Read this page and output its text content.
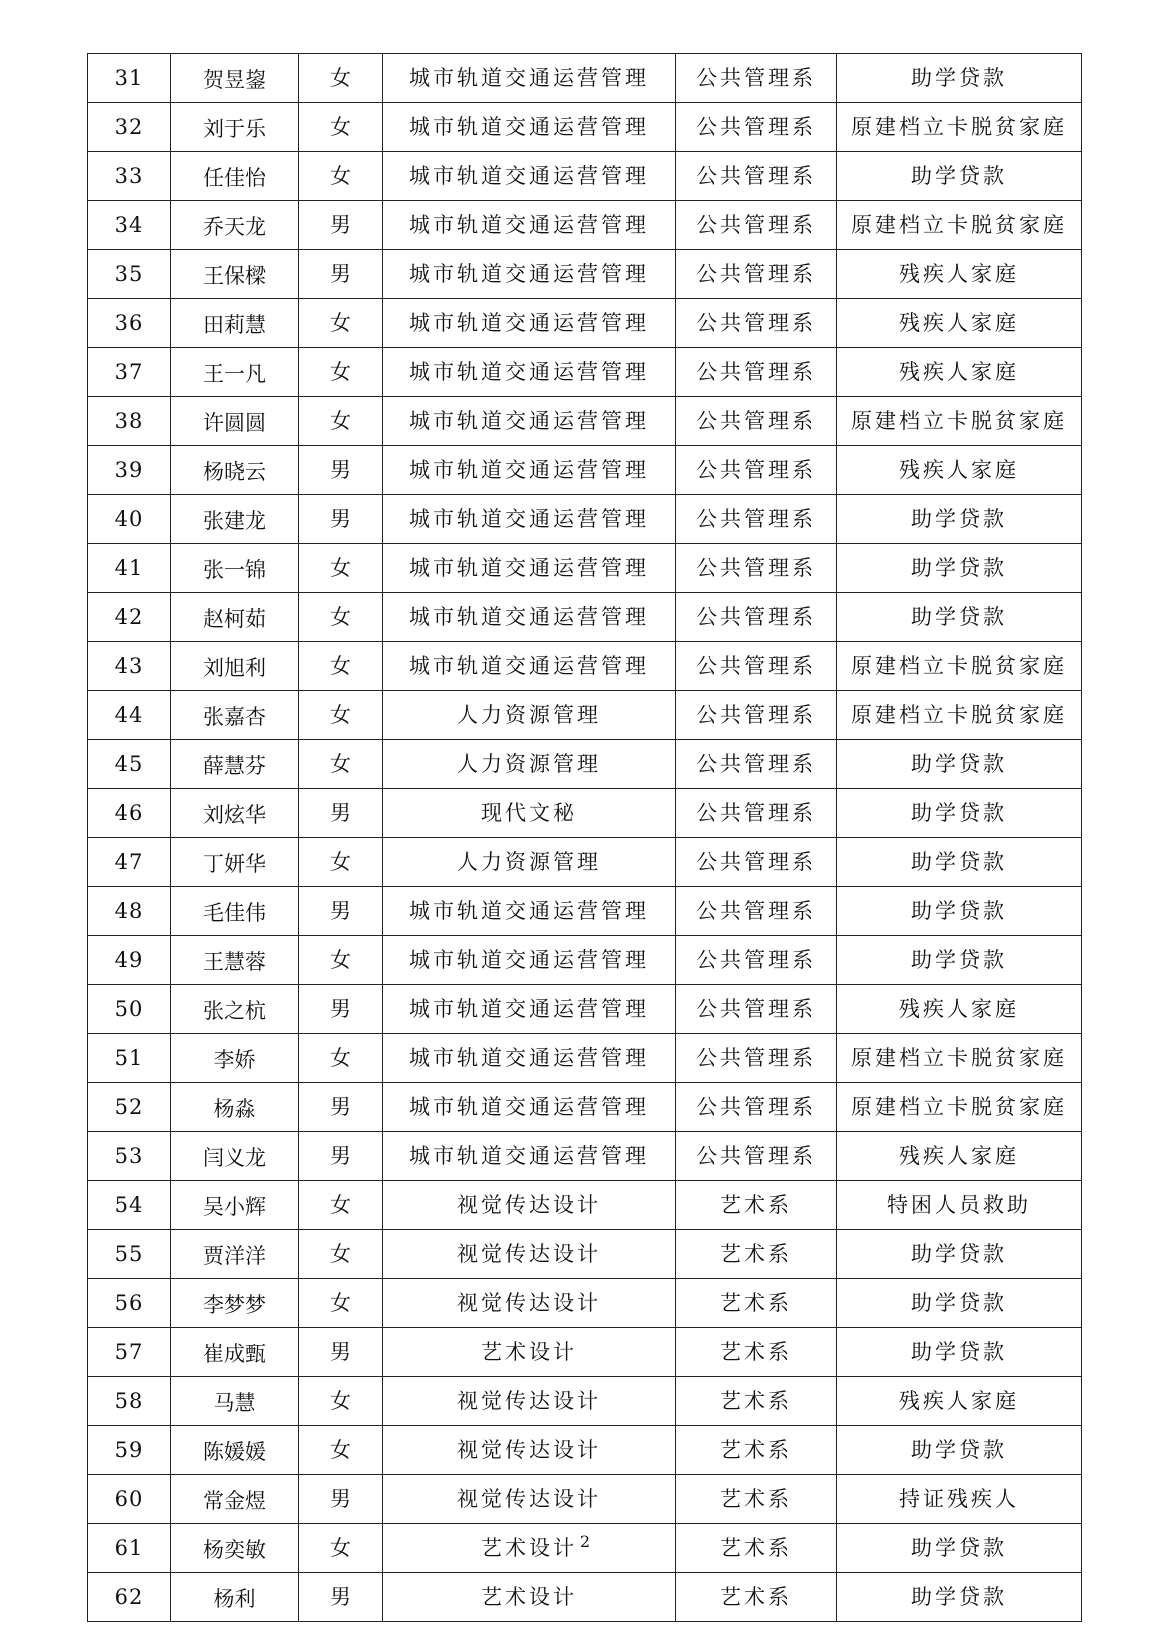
31	贺昱鋆	女	城市轨道交通运营管理	公共管理系	助学贷款
32	刘于乐	女	城市轨道交通运营管理	公共管理系	原建档立卡脱贫家庭
33	任佳怡	女	城市轨道交通运营管理	公共管理系	助学贷款
34	乔天龙	男	城市轨道交通运营管理	公共管理系	原建档立卡脱贫家庭
35	王保樑	男	城市轨道交通运营管理	公共管理系	残疾人家庭
36	田莉慧	女	城市轨道交通运营管理	公共管理系	残疾人家庭
37	王一凡	女	城市轨道交通运营管理	公共管理系	残疾人家庭
38	许圆圆	女	城市轨道交通运营管理	公共管理系	原建档立卡脱贫家庭
39	杨晓云	男	城市轨道交通运营管理	公共管理系	残疾人家庭
40	张建龙	男	城市轨道交通运营管理	公共管理系	助学贷款
41	张一锦	女	城市轨道交通运营管理	公共管理系	助学贷款
42	赵柯茹	女	城市轨道交通运营管理	公共管理系	助学贷款
43	刘旭利	女	城市轨道交通运营管理	公共管理系	原建档立卡脱贫家庭
44	张嘉杏	女	人力资源管理	公共管理系	原建档立卡脱贫家庭
45	薛慧芬	女	人力资源管理	公共管理系	助学贷款
46	刘炫华	男	现代文秘	公共管理系	助学贷款
47	丁妍华	女	人力资源管理	公共管理系	助学贷款
48	毛佳伟	男	城市轨道交通运营管理	公共管理系	助学贷款
49	王慧蓉	女	城市轨道交通运营管理	公共管理系	助学贷款
50	张之杭	男	城市轨道交通运营管理	公共管理系	残疾人家庭
51	李娇	女	城市轨道交通运营管理	公共管理系	原建档立卡脱贫家庭
52	杨淼	男	城市轨道交通运营管理	公共管理系	原建档立卡脱贫家庭
53	闫义龙	男	城市轨道交通运营管理	公共管理系	残疾人家庭
54	吴小辉	女	视觉传达设计	艺术系	特困人员救助
55	贾洋洋	女	视觉传达设计	艺术系	助学贷款
56	李梦梦	女	视觉传达设计	艺术系	助学贷款
57	崔成甄	男	艺术设计	艺术系	助学贷款
58	马慧	女	视觉传达设计	艺术系	残疾人家庭
59	陈媛媛	女	视觉传达设计	艺术系	助学贷款
60	常金煜	男	视觉传达设计	艺术系	持证残疾人
61	杨奕敏	女	艺术设计	艺术系	助学贷款
62	杨利	男	艺术设计	艺术系	助学贷款
2
